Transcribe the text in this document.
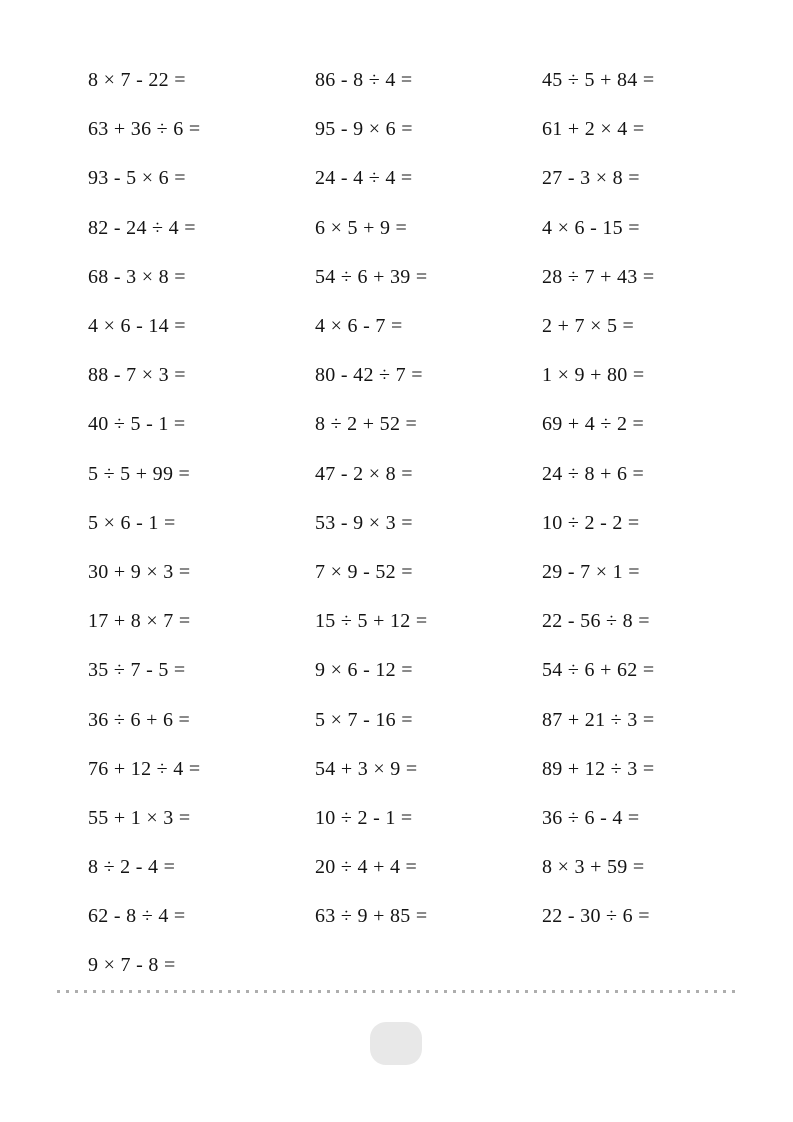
8 × 7 - 22 =	86 - 8 ÷ 4 =	45 ÷ 5 + 84 =
63 + 36 ÷ 6 =	95 - 9 × 6 =	61 + 2 × 4 =
93 - 5 × 6 =	24 - 4 ÷ 4 =	27 - 3 × 8 =
82 - 24 ÷ 4 =	6 × 5 + 9 =	4 × 6 - 15 =
68 - 3 × 8 =	54 ÷ 6 + 39 =	28 ÷ 7 + 43 =
4 × 6 - 14 =	4 × 6 - 7 =	2 + 7 × 5 =
88 - 7 × 3 =	80 - 42 ÷ 7 =	1 × 9 + 80 =
40 ÷ 5 - 1 =	8 ÷ 2 + 52 =	69 + 4 ÷ 2 =
5 ÷ 5 + 99 =	47 - 2 × 8 =	24 ÷ 8 + 6 =
5 × 6 - 1 =	53 - 9 × 3 =	10 ÷ 2 - 2 =
30 + 9 × 3 =	7 × 9 - 52 =	29 - 7 × 1 =
17 + 8 × 7 =	15 ÷ 5 + 12 =	22 - 56 ÷ 8 =
35 ÷ 7 - 5 =	9 × 6 - 12 =	54 ÷ 6 + 62 =
36 ÷ 6 + 6 =	5 × 7 - 16 =	87 + 21 ÷ 3 =
76 + 12 ÷ 4 =	54 + 3 × 9 =	89 + 12 ÷ 3 =
55 + 1 × 3 =	10 ÷ 2 - 1 =	36 ÷ 6 - 4 =
8 ÷ 2 - 4 =	20 ÷ 4 + 4 =	8 × 3 + 59 =
62 - 8 ÷ 4 =	63 ÷ 9 + 85 =	22 - 30 ÷ 6 =
9 × 7 - 8 =
